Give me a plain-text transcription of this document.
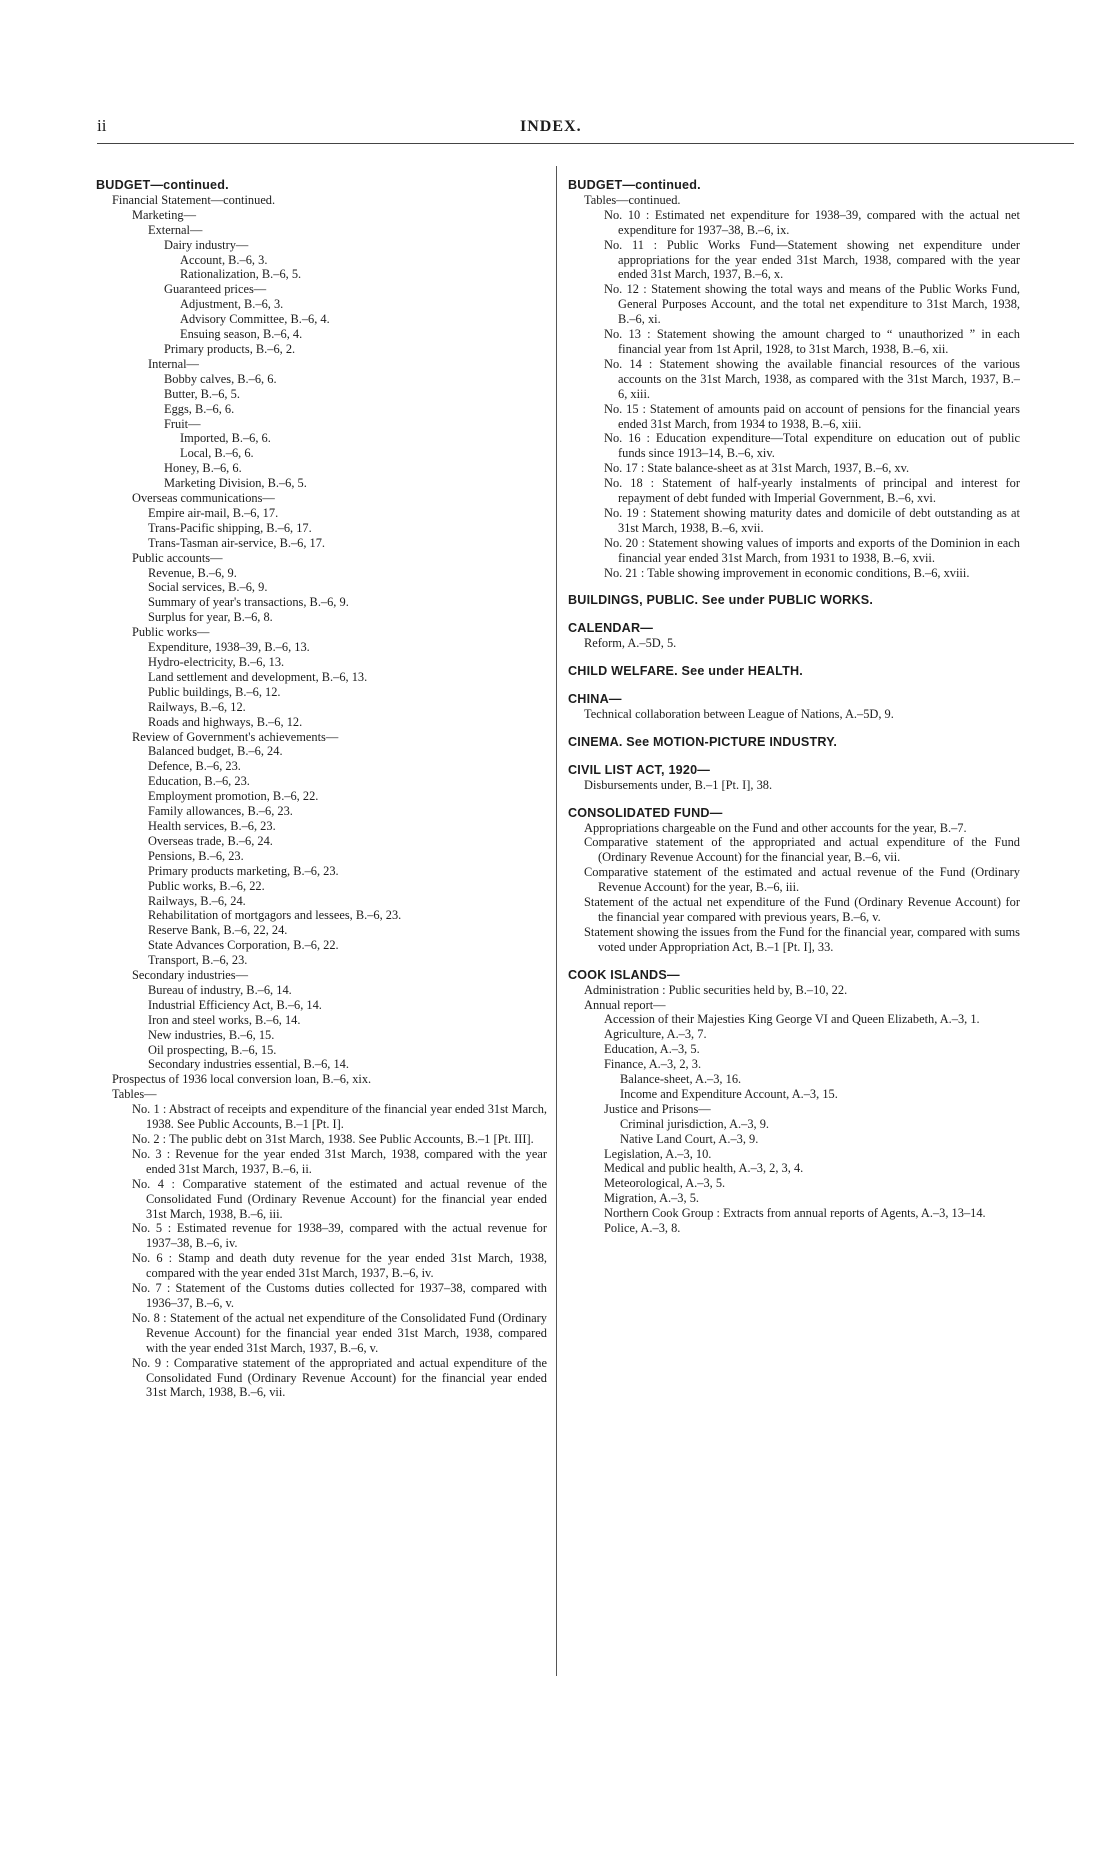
ii	INDEX.
BUDGET—continued.
Financial Statement—continued.
Marketing—
External—
Dairy industry—
Account, B.–6, 3.
Rationalization, B.–6, 5.
Guaranteed prices—
Adjustment, B.–6, 3.
Advisory Committee, B.–6, 4.
Ensuing season, B.–6, 4.
Primary products, B.–6, 2.
Internal—
Bobby calves, B.–6, 6.
Butter, B.–6, 5.
Eggs, B.–6, 6.
Fruit—
Imported, B.–6, 6.
Local, B.–6, 6.
Honey, B.–6, 6.
Marketing Division, B.–6, 5.
Overseas communications—
Empire air-mail, B.–6, 17.
Trans-Pacific shipping, B.–6, 17.
Trans-Tasman air-service, B.–6, 17.
Public accounts—
Revenue, B.–6, 9.
Social services, B.–6, 9.
Summary of year's transactions, B.–6, 9.
Surplus for year, B.–6, 8.
Public works—
Expenditure, 1938–39, B.–6, 13.
Hydro-electricity, B.–6, 13.
Land settlement and development, B.–6, 13.
Public buildings, B.–6, 12.
Railways, B.–6, 12.
Roads and highways, B.–6, 12.
Review of Government's achievements—
Balanced budget, B.–6, 24.
Defence, B.–6, 23.
Education, B.–6, 23.
Employment promotion, B.–6, 22.
Family allowances, B.–6, 23.
Health services, B.–6, 23.
Overseas trade, B.–6, 24.
Pensions, B.–6, 23.
Primary products marketing, B.–6, 23.
Public works, B.–6, 22.
Railways, B.–6, 24.
Rehabilitation of mortgagors and lessees, B.–6, 23.
Reserve Bank, B.–6, 22, 24.
State Advances Corporation, B.–6, 22.
Transport, B.–6, 23.
Secondary industries—
Bureau of industry, B.–6, 14.
Industrial Efficiency Act, B.–6, 14.
Iron and steel works, B.–6, 14.
New industries, B.–6, 15.
Oil prospecting, B.–6, 15.
Secondary industries essential, B.–6, 14.
Prospectus of 1936 local conversion loan, B.–6, xix.
Tables—
No. 1 : Abstract of receipts and expenditure of the financial year ended 31st March, 1938. See Public Accounts, B.–1 [Pt. I].
No. 2 : The public debt on 31st March, 1938. See Public Accounts, B.–1 [Pt. III].
No. 3 : Revenue for the year ended 31st March, 1938, compared with the year ended 31st March, 1937, B.–6, ii.
No. 4 : Comparative statement of the estimated and actual revenue of the Consolidated Fund (Ordinary Revenue Account) for the financial year ended 31st March, 1938, B.–6, iii.
No. 5 : Estimated revenue for 1938–39, compared with the actual revenue for 1937–38, B.–6, iv.
No. 6 : Stamp and death duty revenue for the year ended 31st March, 1938, compared with the year ended 31st March, 1937, B.–6, iv.
No. 7 : Statement of the Customs duties collected for 1937–38, compared with 1936–37, B.–6, v.
No. 8 : Statement of the actual net expenditure of the Consolidated Fund (Ordinary Revenue Account) for the financial year ended 31st March, 1938, compared with the year ended 31st March, 1937, B.–6, v.
No. 9 : Comparative statement of the appropriated and actual expenditure of the Consolidated Fund (Ordinary Revenue Account) for the financial year ended 31st March, 1938, B.–6, vii.
BUDGET—continued.
Tables—continued.
No. 10 : Estimated net expenditure for 1938–39, compared with the actual net expenditure for 1937–38, B.–6, ix.
No. 11 : Public Works Fund—Statement showing net expenditure under appropriations for the year ended 31st March, 1938, compared with the year ended 31st March, 1937, B.–6, x.
No. 12 : Statement showing the total ways and means of the Public Works Fund, General Purposes Account, and the total net expenditure to 31st March, 1938, B.–6, xi.
No. 13 : Statement showing the amount charged to “ unauthorized ” in each financial year from 1st April, 1928, to 31st March, 1938, B.–6, xii.
No. 14 : Statement showing the available financial resources of the various accounts on the 31st March, 1938, as compared with the 31st March, 1937, B.–6, xiii.
No. 15 : Statement of amounts paid on account of pensions for the financial years ended 31st March, from 1934 to 1938, B.–6, xiii.
No. 16 : Education expenditure—Total expenditure on education out of public funds since 1913–14, B.–6, xiv.
No. 17 : State balance-sheet as at 31st March, 1937, B.–6, xv.
No. 18 : Statement of half-yearly instalments of principal and interest for repayment of debt funded with Imperial Government, B.–6, xvi.
No. 19 : Statement showing maturity dates and domicile of debt outstanding as at 31st March, 1938, B.–6, xvii.
No. 20 : Statement showing values of imports and exports of the Dominion in each financial year ended 31st March, from 1931 to 1938, B.–6, xvii.
No. 21 : Table showing improvement in economic conditions, B.–6, xviii.
BUILDINGS, PUBLIC. See under PUBLIC WORKS.
CALENDAR—
Reform, A.–5D, 5.
CHILD WELFARE. See under HEALTH.
CHINA—
Technical collaboration between League of Nations, A.–5D, 9.
CINEMA. See MOTION-PICTURE INDUSTRY.
CIVIL LIST ACT, 1920—
Disbursements under, B.–1 [Pt. I], 38.
CONSOLIDATED FUND—
Appropriations chargeable on the Fund and other accounts for the year, B.–7.
Comparative statement of the appropriated and actual expenditure of the Fund (Ordinary Revenue Account) for the financial year, B.–6, vii.
Comparative statement of the estimated and actual revenue of the Fund (Ordinary Revenue Account) for the year, B.–6, iii.
Statement of the actual net expenditure of the Fund (Ordinary Revenue Account) for the financial year compared with previous years, B.–6, v.
Statement showing the issues from the Fund for the financial year, compared with sums voted under Appropriation Act, B.–1 [Pt. I], 33.
COOK ISLANDS—
Administration : Public securities held by, B.–10, 22.
Annual report—
Accession of their Majesties King George VI and Queen Elizabeth, A.–3, 1.
Agriculture, A.–3, 7.
Education, A.–3, 5.
Finance, A.–3, 2, 3.
Balance-sheet, A.–3, 16.
Income and Expenditure Account, A.–3, 15.
Justice and Prisons—
Criminal jurisdiction, A.–3, 9.
Native Land Court, A.–3, 9.
Legislation, A.–3, 10.
Medical and public health, A.–3, 2, 3, 4.
Meteorological, A.–3, 5.
Migration, A.–3, 5.
Northern Cook Group : Extracts from annual reports of Agents, A.–3, 13–14.
Police, A.–3, 8.
